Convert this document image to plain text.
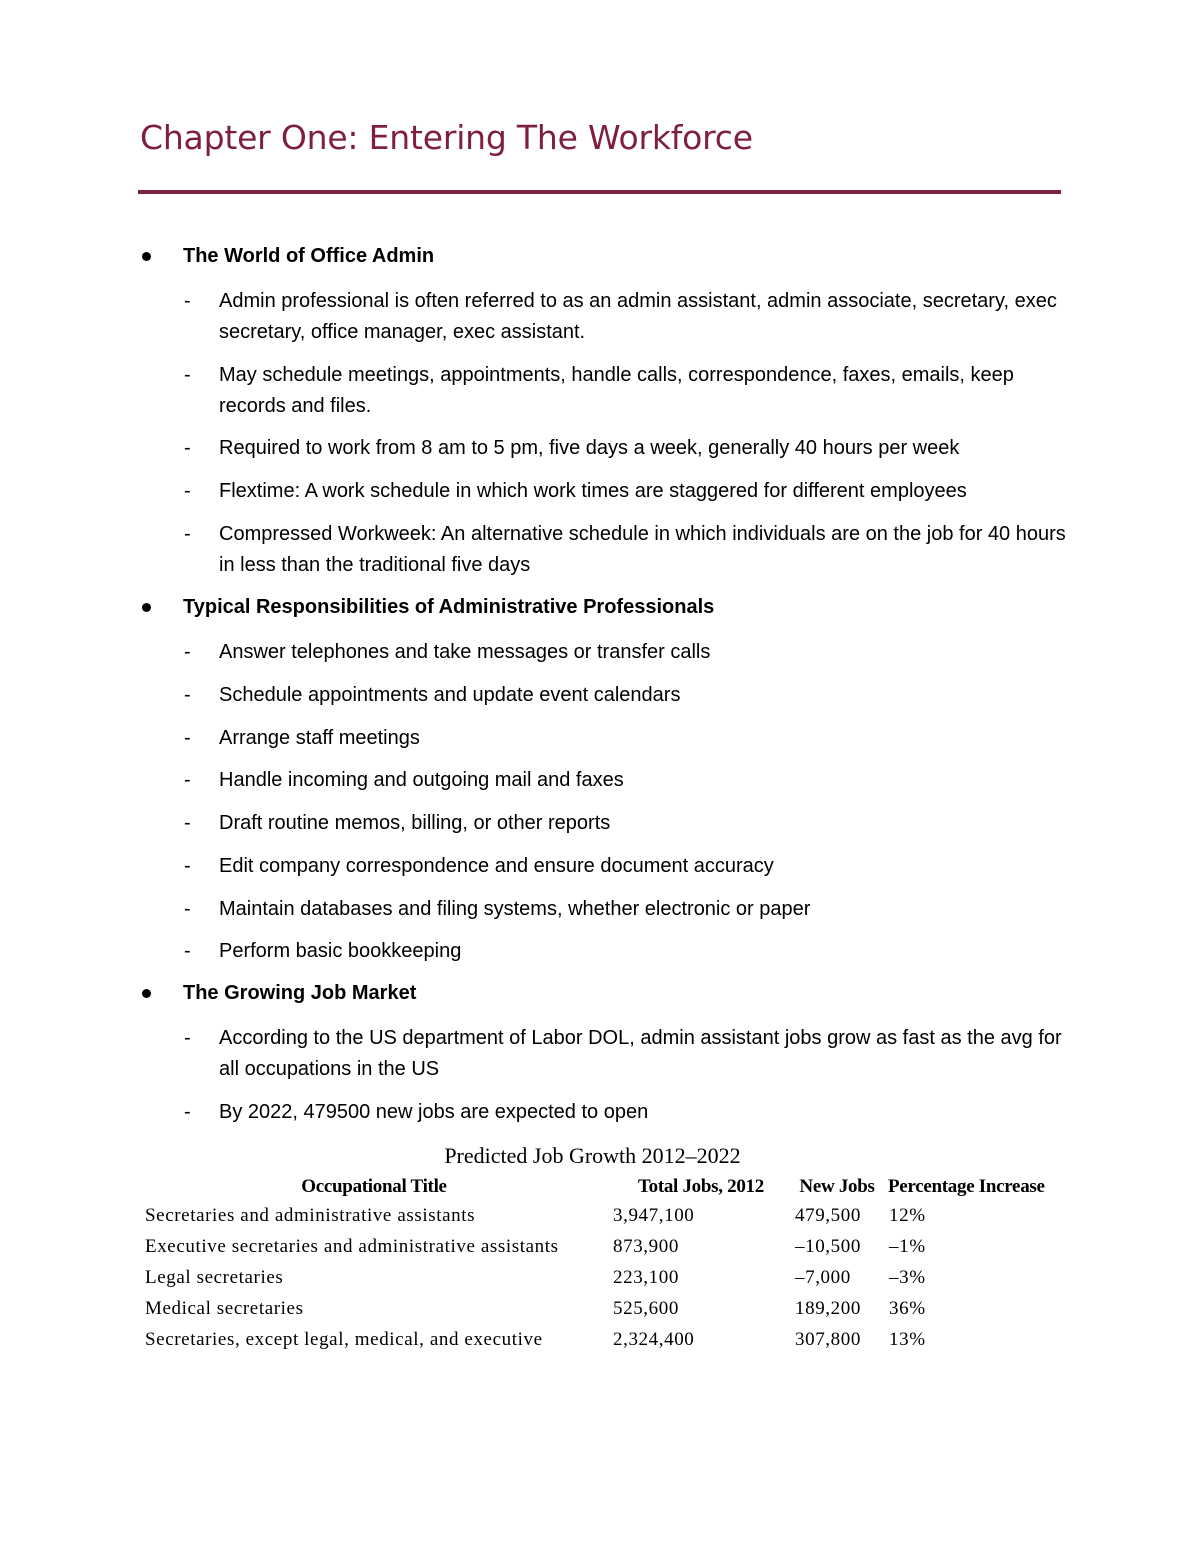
Chapter One: Entering The Workforce
The World of Office Admin
- Admin professional is often referred to as an admin assistant, admin associate, secretary, exec secretary, office manager, exec assistant.
- May schedule meetings, appointments, handle calls, correspondence, faxes, emails, keep records and files.
- Required to work from 8 am to 5 pm, five days a week, generally 40 hours per week
- Flextime: A work schedule in which work times are staggered for different employees
- Compressed Workweek: An alternative schedule in which individuals are on the job for 40 hours in less than the traditional five days
Typical Responsibilities of Administrative Professionals
- Answer telephones and take messages or transfer calls
- Schedule appointments and update event calendars
- Arrange staff meetings
- Handle incoming and outgoing mail and faxes
- Draft routine memos, billing, or other reports
- Edit company correspondence and ensure document accuracy
- Maintain databases and filing systems, whether electronic or paper
- Perform basic bookkeeping
The Growing Job Market
- According to the US department of Labor DOL, admin assistant jobs grow as fast as the avg for all occupations in the US
- By 2022, 479500 new jobs are expected to open
Predicted Job Growth 2012–2022
Occupational Title	Total Jobs, 2012	New Jobs	Percentage Increase
Secretaries and administrative assistants	3,947,100	479,500	12%
Executive secretaries and administrative assistants	873,900	–10,500	–1%
Legal secretaries	223,100	–7,000	–3%
Medical secretaries	525,600	189,200	36%
Secretaries, except legal, medical, and executive	2,324,400	307,800	13%
